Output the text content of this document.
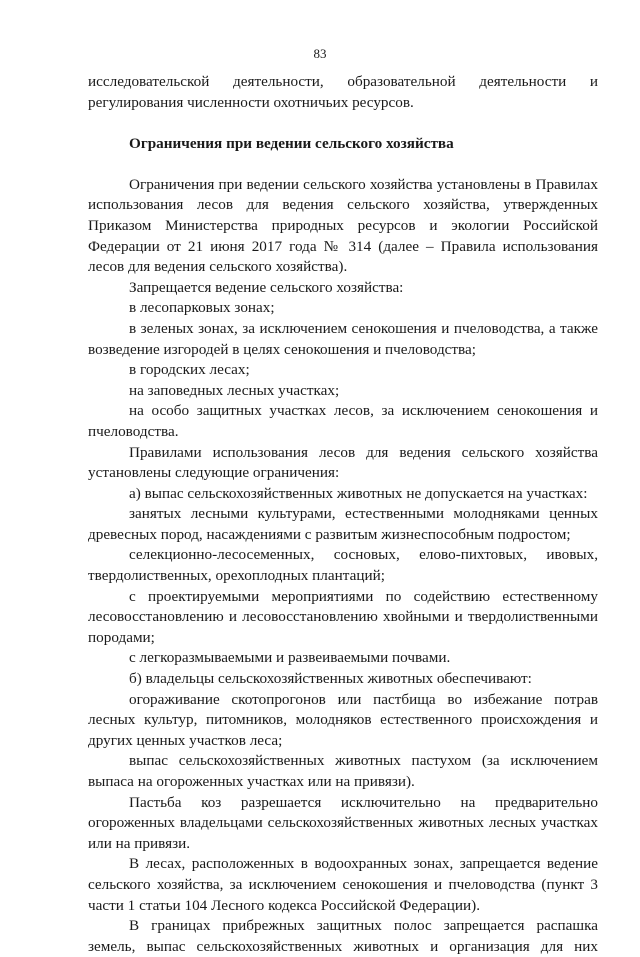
83

исследовательской деятельности, образовательной деятельности и регулирования численности охотничьих ресурсов.

Ограничения при ведении сельского хозяйства

Ограничения при ведении сельского хозяйства установлены в Правилах использования лесов для ведения сельского хозяйства, утвержденных Приказом Министерства природных ресурсов и экологии Российской Федерации от 21 июня 2017 года № 314 (далее – Правила использования лесов для ведения сельского хозяйства).

Запрещается ведение сельского хозяйства:

в лесопарковых зонах;

в зеленых зонах, за исключением сенокошения и пчеловодства, а также возведение изгородей в целях сенокошения и пчеловодства;

в городских лесах;

на заповедных лесных участках;

на особо защитных участках лесов, за исключением сенокошения и пчеловодства.

Правилами использования лесов для ведения сельского хозяйства установлены следующие ограничения:

а) выпас сельскохозяйственных животных не допускается на участках:

занятых лесными культурами, естественными молодняками ценных древесных пород, насаждениями с развитым жизнеспособным подростом;

селекционно-лесосеменных, сосновых, елово-пихтовых, ивовых, твердолиственных, орехоплодных плантаций;

с проектируемыми мероприятиями по содействию естественному лесовосстановлению и лесовосстановлению хвойными и твердолиственными породами;

с легкоразмываемыми и развеиваемыми почвами.

б) владельцы сельскохозяйственных животных обеспечивают:

огораживание скотопрогонов или пастбища во избежание потрав лесных культур, питомников, молодняков естественного происхождения и других ценных участков леса;

выпас сельскохозяйственных животных пастухом (за исключением выпаса на огороженных участках или на привязи).

Пастьба коз разрешается исключительно на предварительно огороженных владельцами сельскохозяйственных животных лесных участках или на привязи.

В лесах, расположенных в водоохранных зонах, запрещается ведение сельского хозяйства, за исключением сенокошения и пчеловодства (пункт 3 части 1 статьи 104 Лесного кодекса Российской Федерации).

В границах прибрежных защитных полос запрещается распашка земель, выпас сельскохозяйственных животных и организация для них
